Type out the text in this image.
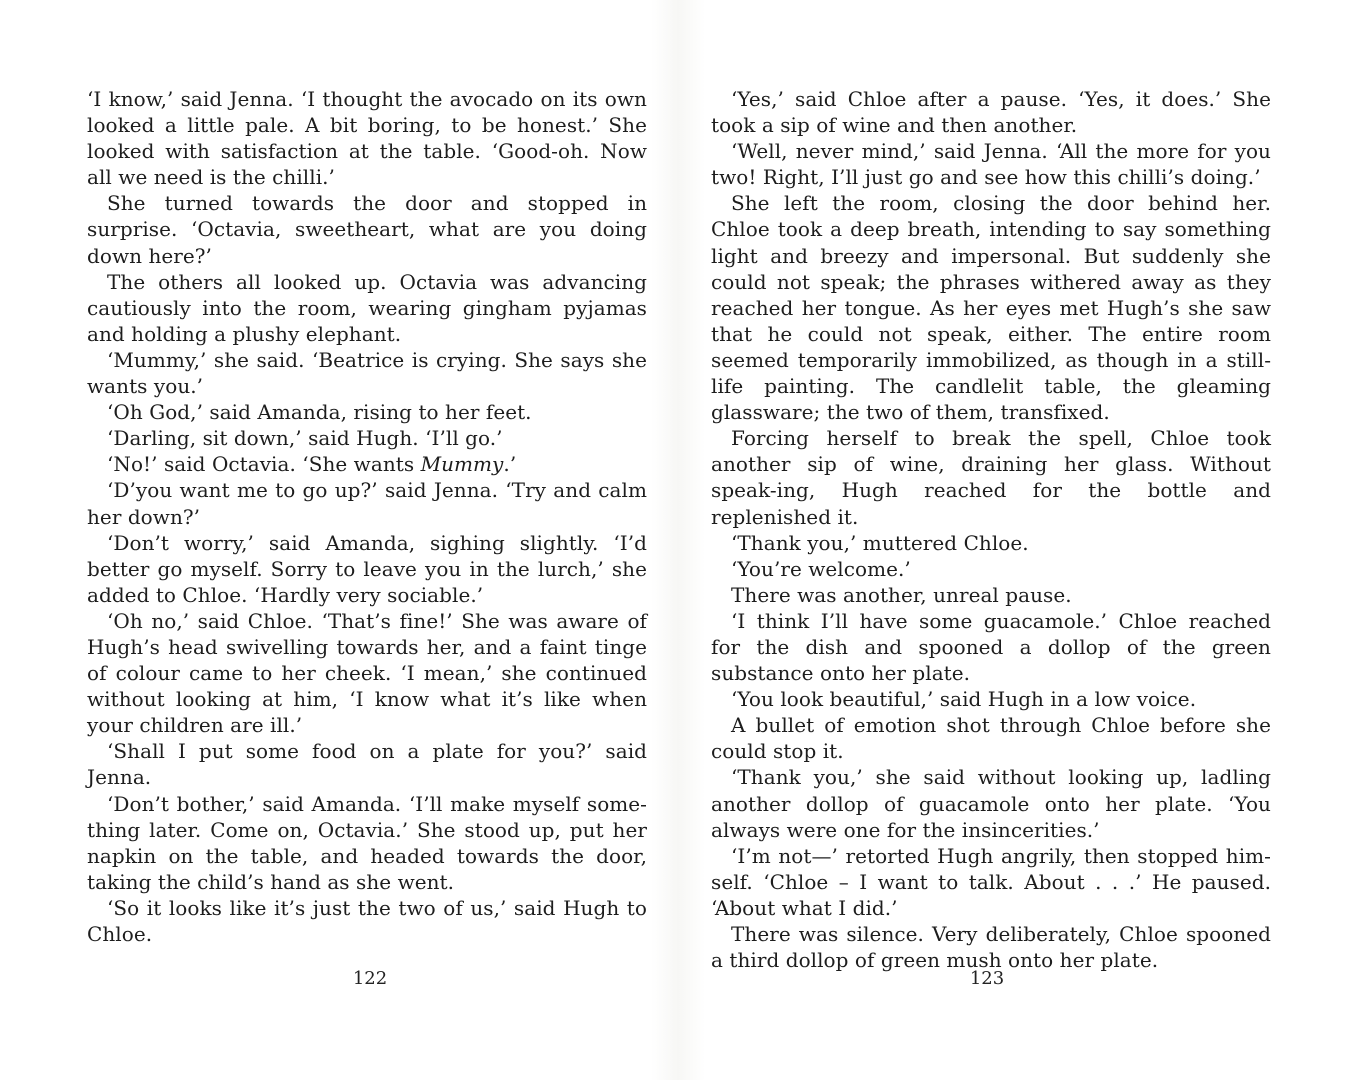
‘I know,’ said Jenna. ‘I thought the avocado on its own looked a little pale. A bit boring, to be honest.’ She looked with satisfaction at the table. ‘Good-oh. Now all we need is the chilli.’

She turned towards the door and stopped in surprise. ‘Octavia, sweetheart, what are you doing down here?’

The others all looked up. Octavia was advancing cautiously into the room, wearing gingham pyjamas and holding a plushy elephant.

‘Mummy,’ she said. ‘Beatrice is crying. She says she wants you.’

‘Oh God,’ said Amanda, rising to her feet.

‘Darling, sit down,’ said Hugh. ‘I’ll go.’

‘No!’ said Octavia. ‘She wants Mummy.’

‘D’you want me to go up?’ said Jenna. ‘Try and calm her down?’

‘Don’t worry,’ said Amanda, sighing slightly. ‘I’d better go myself. Sorry to leave you in the lurch,’ she added to Chloe. ‘Hardly very sociable.’

‘Oh no,’ said Chloe. ‘That’s fine!’ She was aware of Hugh’s head swivelling towards her, and a faint tinge of colour came to her cheek. ‘I mean,’ she continued without looking at him, ‘I know what it’s like when your children are ill.’

‘Shall I put some food on a plate for you?’ said Jenna.

‘Don’t bother,’ said Amanda. ‘I’ll make myself some-thing later. Come on, Octavia.’ She stood up, put her napkin on the table, and headed towards the door, taking the child’s hand as she went.

‘So it looks like it’s just the two of us,’ said Hugh to Chloe.

122

‘Yes,’ said Chloe after a pause. ‘Yes, it does.’ She took a sip of wine and then another.

‘Well, never mind,’ said Jenna. ‘All the more for you two! Right, I’ll just go and see how this chilli’s doing.’

She left the room, closing the door behind her. Chloe took a deep breath, intending to say something light and breezy and impersonal. But suddenly she could not speak; the phrases withered away as they reached her tongue. As her eyes met Hugh’s she saw that he could not speak, either. The entire room seemed temporarily immobilized, as though in a still-life painting. The candlelit table, the gleaming glassware; the two of them, transfixed.

Forcing herself to break the spell, Chloe took another sip of wine, draining her glass. Without speak-ing, Hugh reached for the bottle and replenished it.

‘Thank you,’ muttered Chloe.

‘You’re welcome.’

There was another, unreal pause.

‘I think I’ll have some guacamole.’ Chloe reached for the dish and spooned a dollop of the green substance onto her plate.

‘You look beautiful,’ said Hugh in a low voice.

A bullet of emotion shot through Chloe before she could stop it.

‘Thank you,’ she said without looking up, ladling another dollop of guacamole onto her plate. ‘You always were one for the insincerities.’

‘I’m not—’ retorted Hugh angrily, then stopped him-self. ‘Chloe – I want to talk. About . . .’ He paused. ‘About what I did.’

There was silence. Very deliberately, Chloe spooned a third dollop of green mush onto her plate.

123
